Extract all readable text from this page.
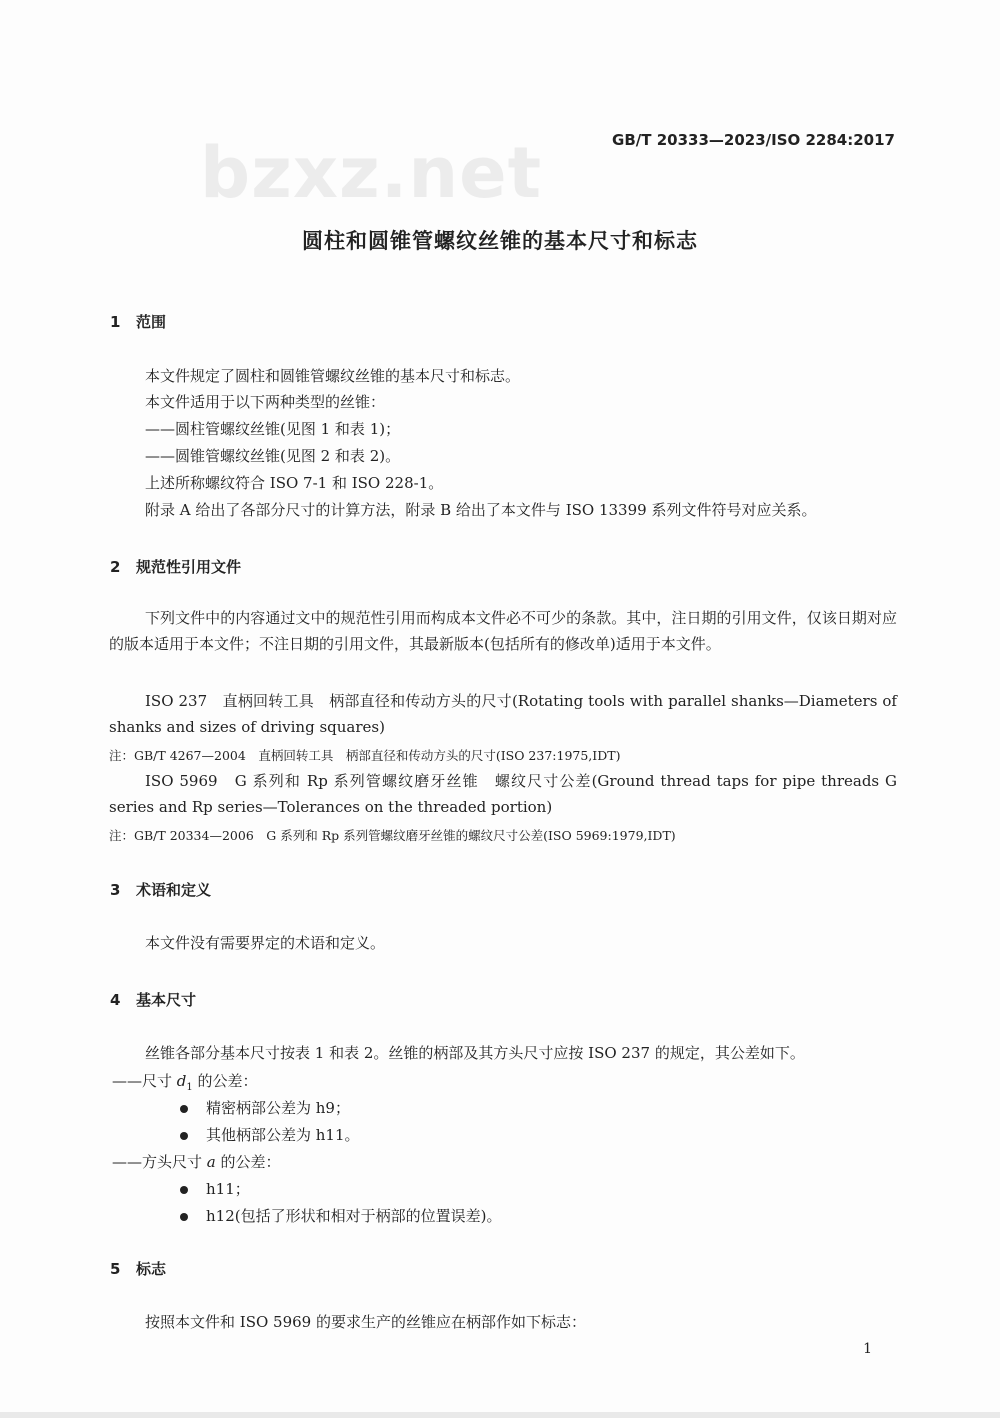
bzxz.net	GB/T 20333—2023/ISO 2284:2017
圆柱和圆锥管螺纹丝锥的基本尺寸和标志
1 范围
本文件规定了圆柱和圆锥管螺纹丝锥的基本尺寸和标志。
本文件适用于以下两种类型的丝锥：
——圆柱管螺纹丝锥(见图 1 和表 1)；
——圆锥管螺纹丝锥(见图 2 和表 2)。
上述所称螺纹符合 ISO 7-1 和 ISO 228-1。
附录 A 给出了各部分尺寸的计算方法，附录 B 给出了本文件与 ISO 13399 系列文件符号对应关系。
2 规范性引用文件
下列文件中的内容通过文中的规范性引用而构成本文件必不可少的条款。其中，注日期的引用文件，仅该日期对应的版本适用于本文件；不注日期的引用文件，其最新版本(包括所有的修改单)适用于本文件。
ISO 237　直柄回转工具　柄部直径和传动方头的尺寸(Rotating tools with parallel shanks—Diameters of shanks and sizes of driving squares)
注：GB/T 4267—2004　直柄回转工具　柄部直径和传动方头的尺寸(ISO 237:1975,IDT)
ISO 5969　G 系列和 Rp 系列管螺纹磨牙丝锥　螺纹尺寸公差(Ground thread taps for pipe threads G series and Rp series—Tolerances on the threaded portion)
注：GB/T 20334—2006　G 系列和 Rp 系列管螺纹磨牙丝锥的螺纹尺寸公差(ISO 5969:1979,IDT)
3 术语和定义
本文件没有需要界定的术语和定义。
4 基本尺寸
丝锥各部分基本尺寸按表 1 和表 2。丝锥的柄部及其方头尺寸应按 ISO 237 的规定，其公差如下。
——尺寸 $d_1$ 的公差：
精密柄部公差为 h9；
其他柄部公差为 h11。
——方头尺寸 a 的公差：
h11；
h12(包括了形状和相对于柄部的位置误差)。
5 标志
按照本文件和 ISO 5969 的要求生产的丝锥应在柄部作如下标志：
1
